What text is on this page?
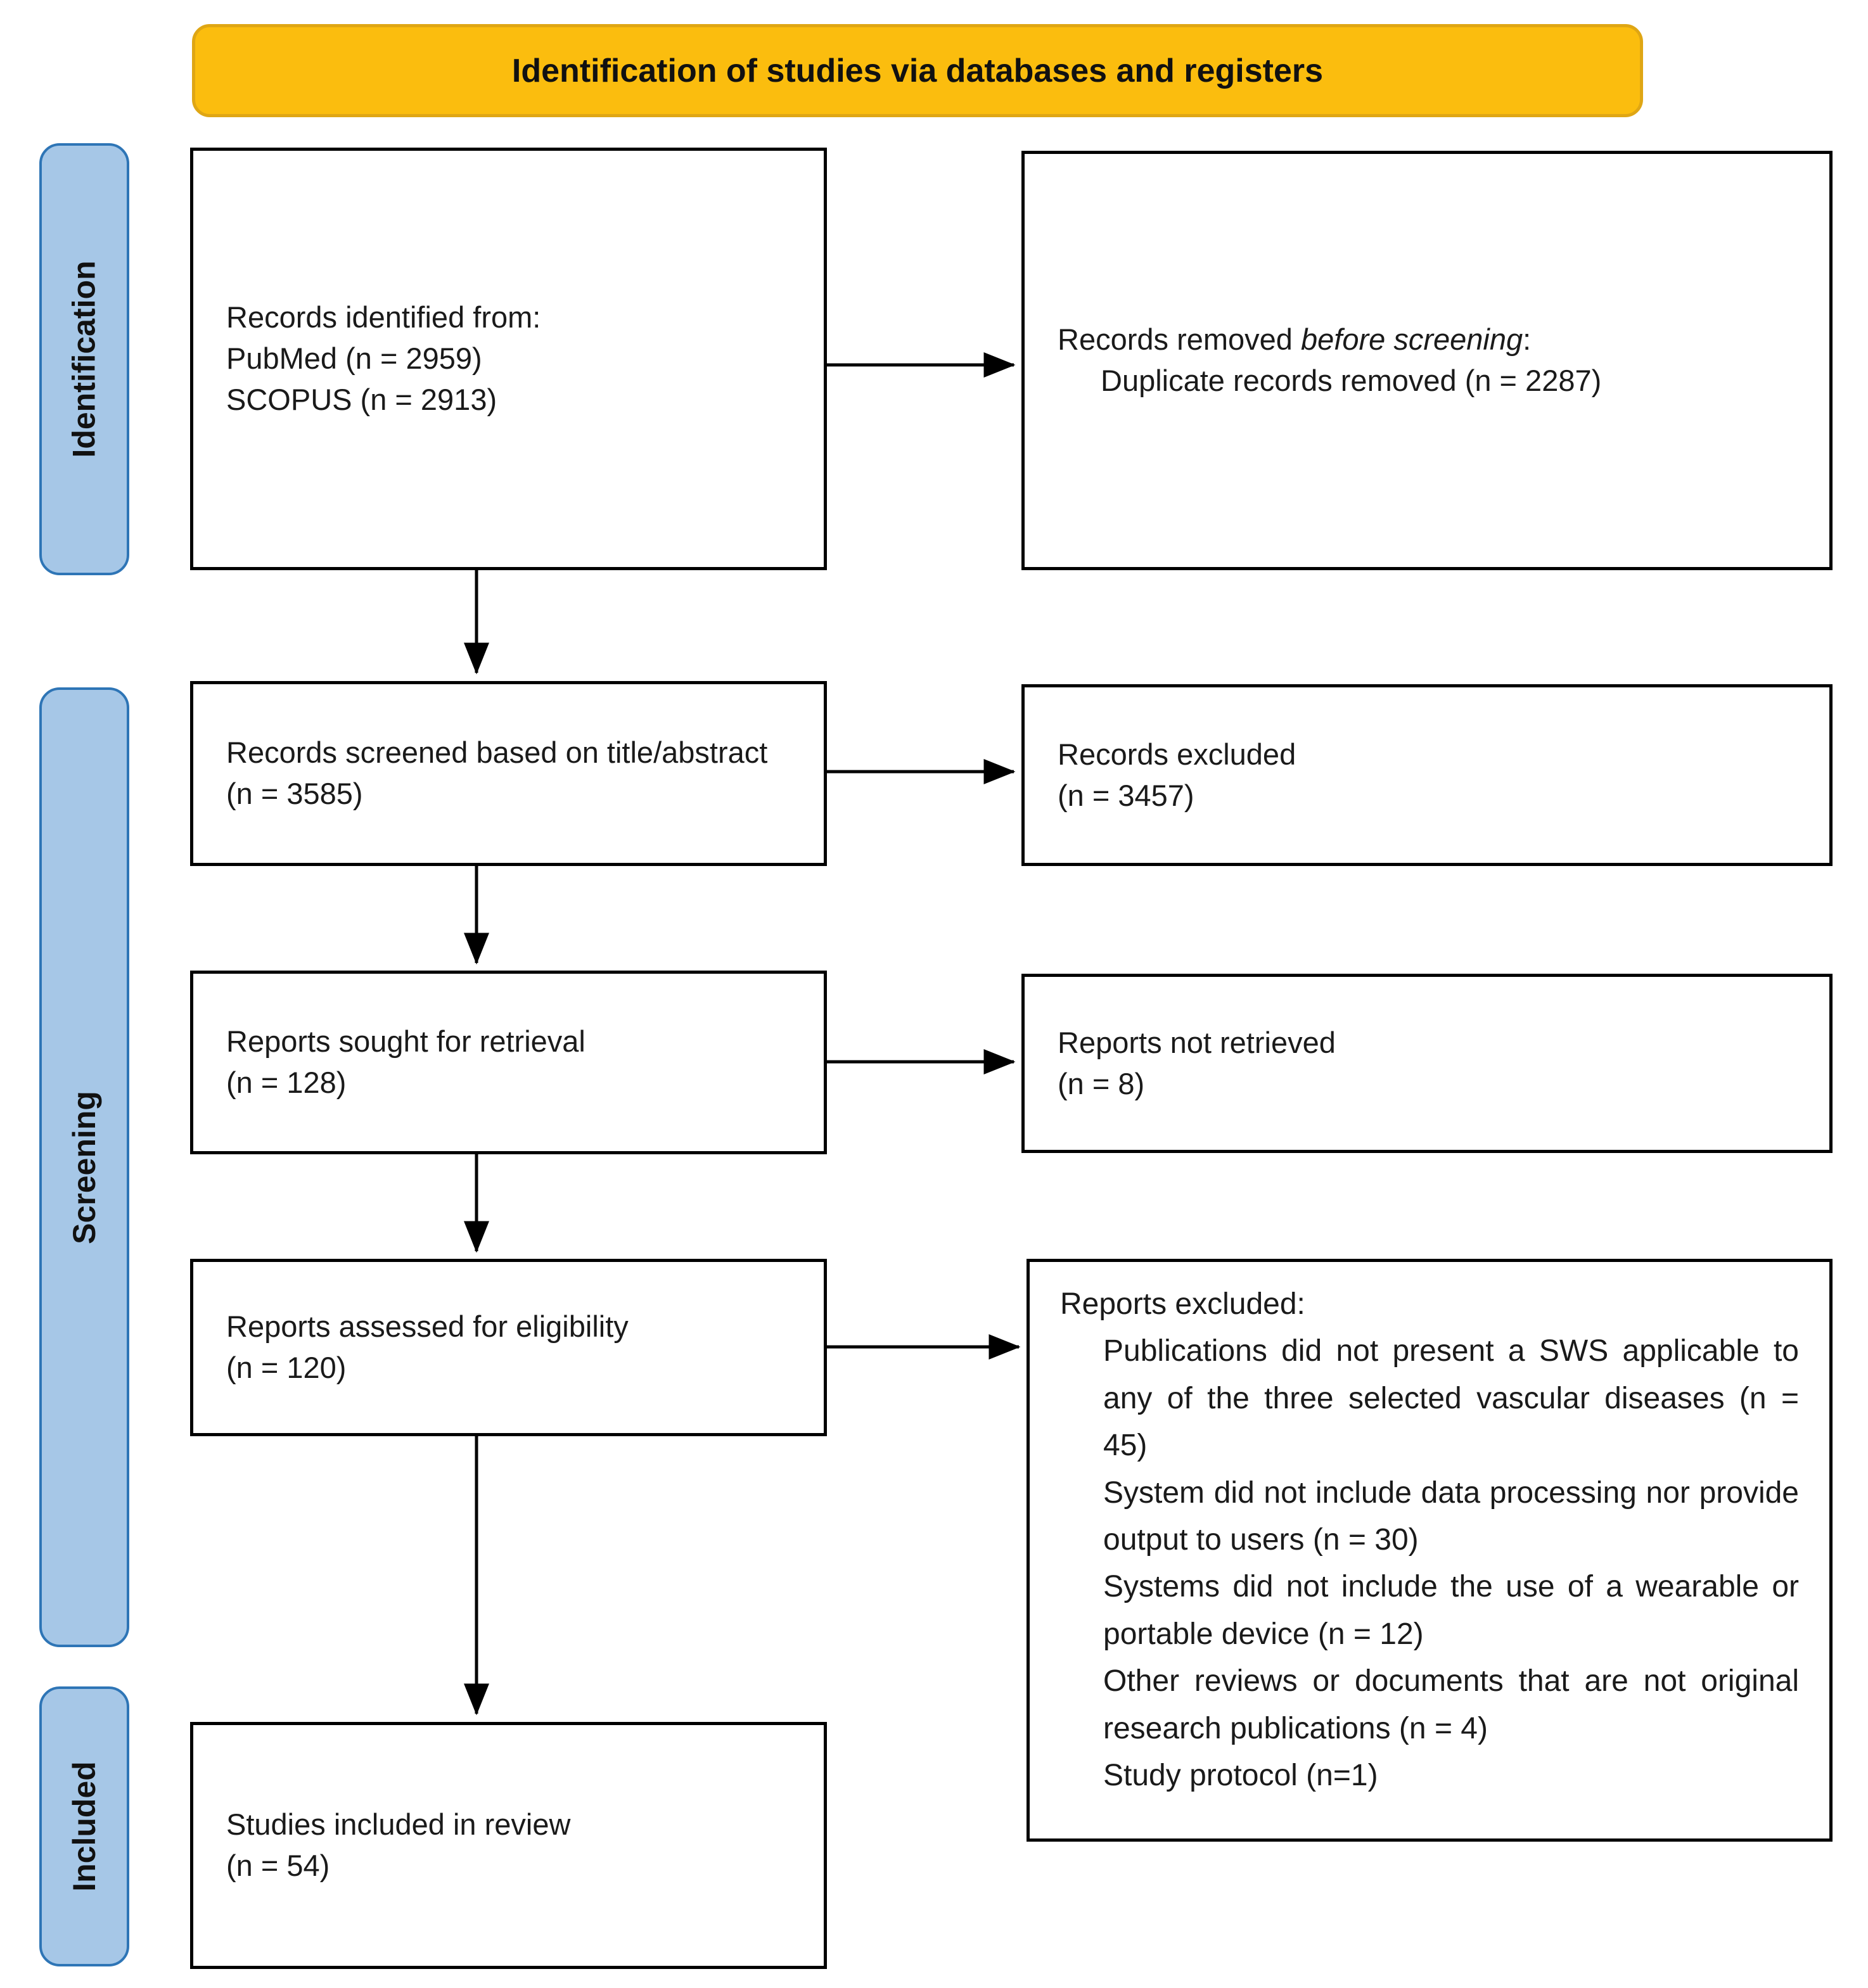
Identification of studies via databases and registers
Identification
Screening
Included
Records identified from:
PubMed (n = 2959)
SCOPUS (n = 2913)
Records removed before screening:
Duplicate records removed (n = 2287)
Records screened based on title/abstract
(n = 3585)
Records excluded
(n = 3457)
Reports sought for retrieval
(n = 128)
Reports not retrieved
(n = 8)
Reports assessed for eligibility
(n = 120)
Reports excluded:
Publications did not present a SWS applicable to any of the three selected vascular diseases (n = 45)
System did not include data processing nor provide output to users (n = 30)
Systems did not include the use of a wearable or portable device (n = 12)
Other reviews or documents that are not original research publications (n = 4)
Study protocol (n=1)
Studies included in review
(n = 54)
